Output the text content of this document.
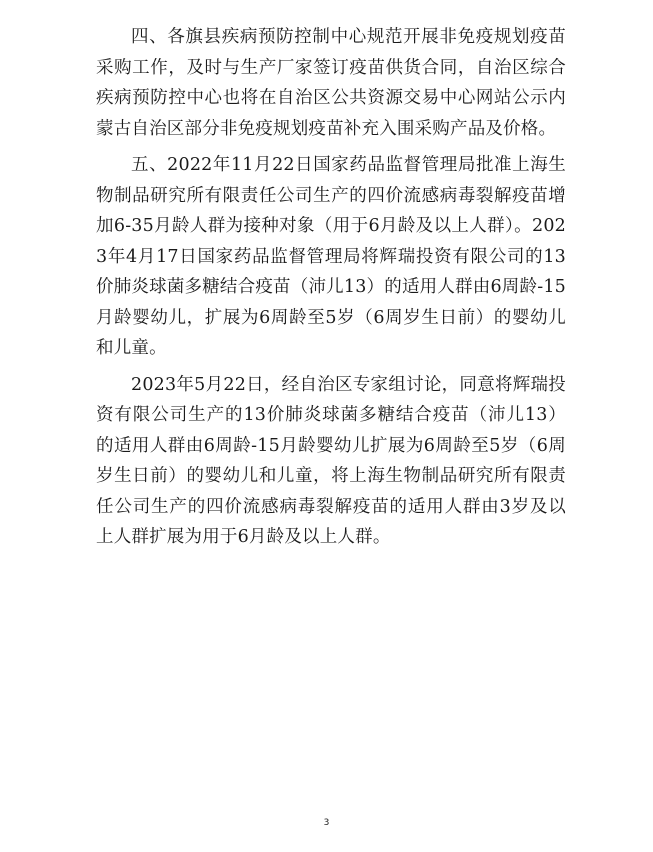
四、各旗县疾病预防控制中心规范开展非免疫规划疫苗采购工作，及时与生产厂家签订疫苗供货合同，自治区综合疾病预防控中心也将在自治区公共资源交易中心网站公示内蒙古自治区部分非免疫规划疫苗补充入围采购产品及价格。

五、2022年11月22日国家药品监督管理局批准上海生物制品研究所有限责任公司生产的四价流感病毒裂解疫苗增加6-35月龄人群为接种对象（用于6月龄及以上人群）。2023年4月17日国家药品监督管理局将辉瑞投资有限公司的13价肺炎球菌多糖结合疫苗（沛儿13）的适用人群由6周龄-15月龄婴幼儿，扩展为6周龄至5岁（6周岁生日前）的婴幼儿和儿童。

2023年5月22日，经自治区专家组讨论，同意将辉瑞投资有限公司生产的13价肺炎球菌多糖结合疫苗（沛儿13）的适用人群由6周龄-15月龄婴幼儿扩展为6周龄至5岁（6周岁生日前）的婴幼儿和儿童，将上海生物制品研究所有限责任公司生产的四价流感病毒裂解疫苗的适用人群由3岁及以上人群扩展为用于6月龄及以上人群。

3
